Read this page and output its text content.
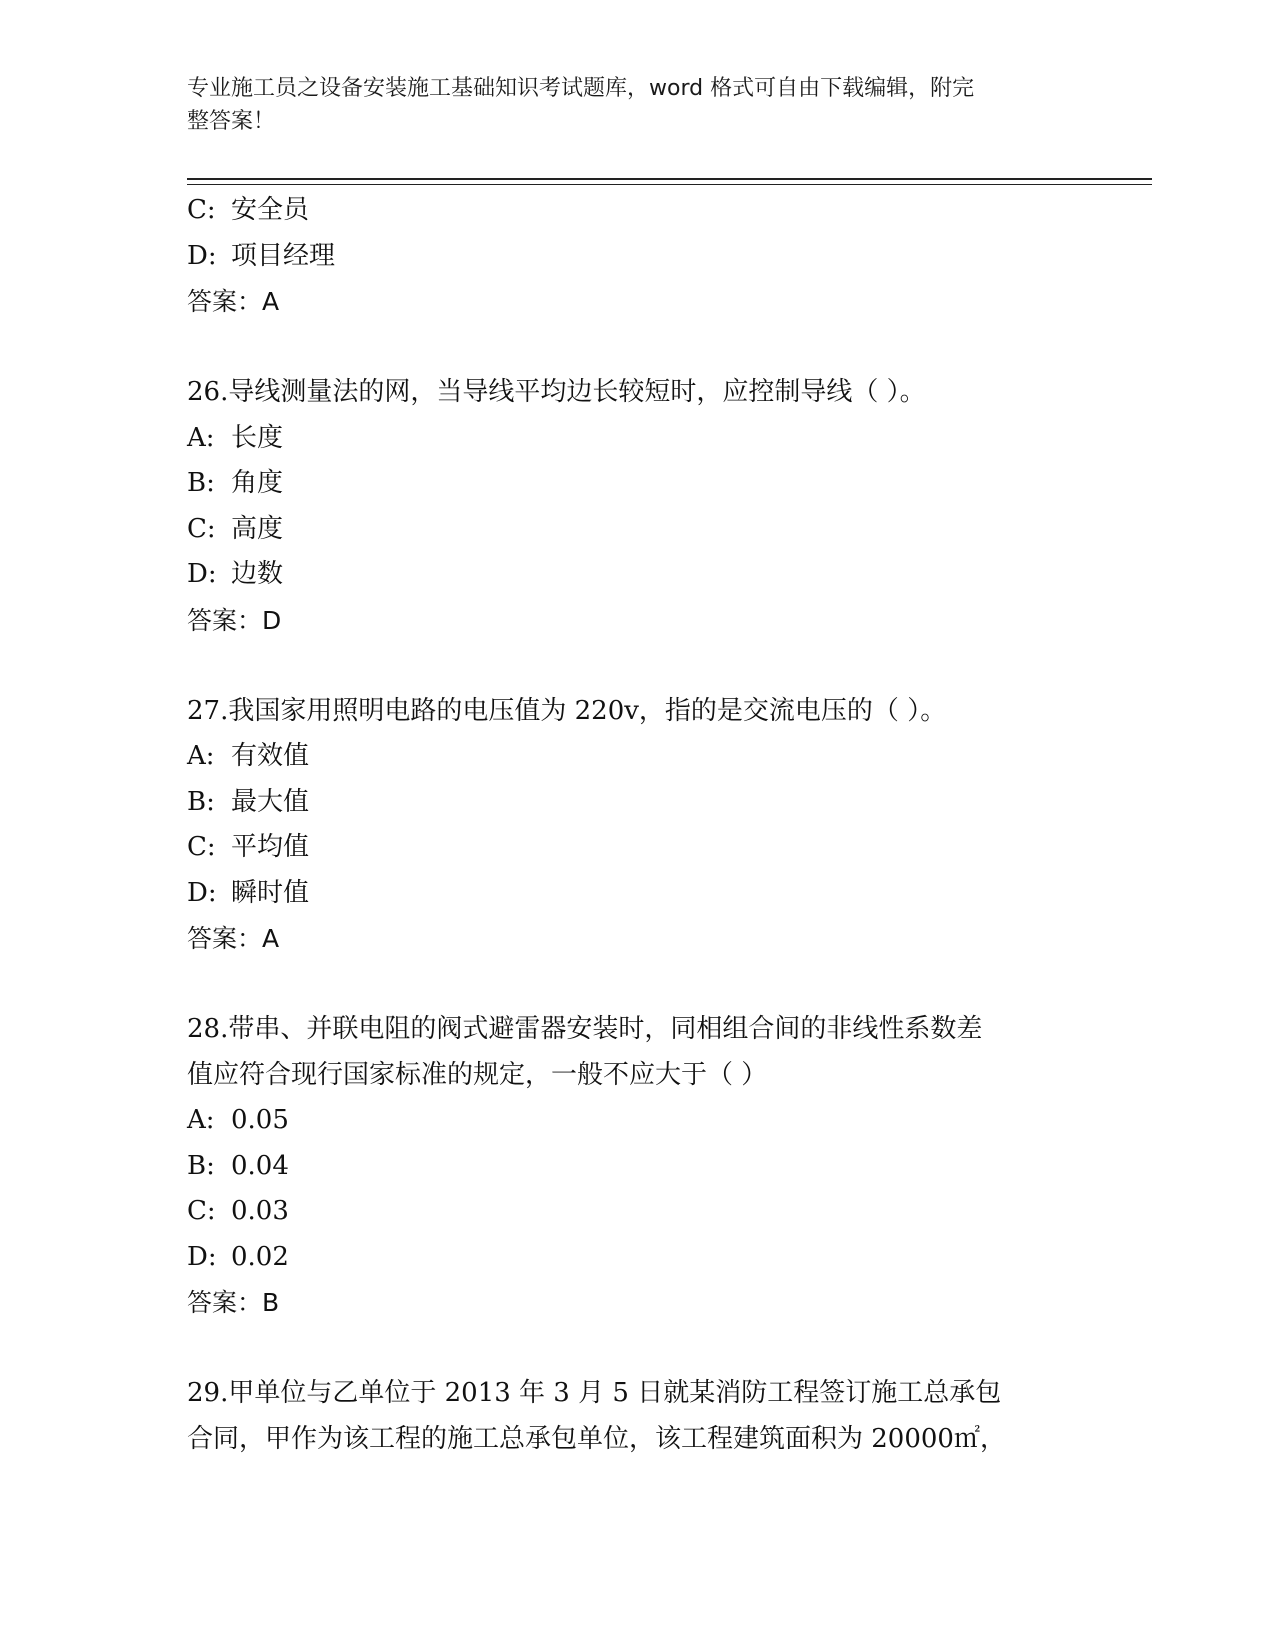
专业施工员之设备安装施工基础知识考试题库，word 格式可自由下载编辑，附完
整答案！

C: 安全员
D: 项目经理
答案：A
26.导线测量法的网，当导线平均边长较短时，应控制导线（ ）。
A: 长度
B: 角度
C: 高度
D: 边数
答案：D
27.我国家用照明电路的电压值为 220v，指的是交流电压的（ ）。
A: 有效值
B: 最大值
C: 平均值
D: 瞬时值
答案：A
28.带串、并联电阻的阀式避雷器安装时，同相组合间的非线性系数差
值应符合现行国家标准的规定，一般不应大于（ ）
A: 0.05
B: 0.04
C: 0.03
D: 0.02
答案：B
29.甲单位与乙单位于 2013 年 3 月 5 日就某消防工程签订施工总承包
合同，甲作为该工程的施工总承包单位，该工程建筑面积为 20000㎡，
